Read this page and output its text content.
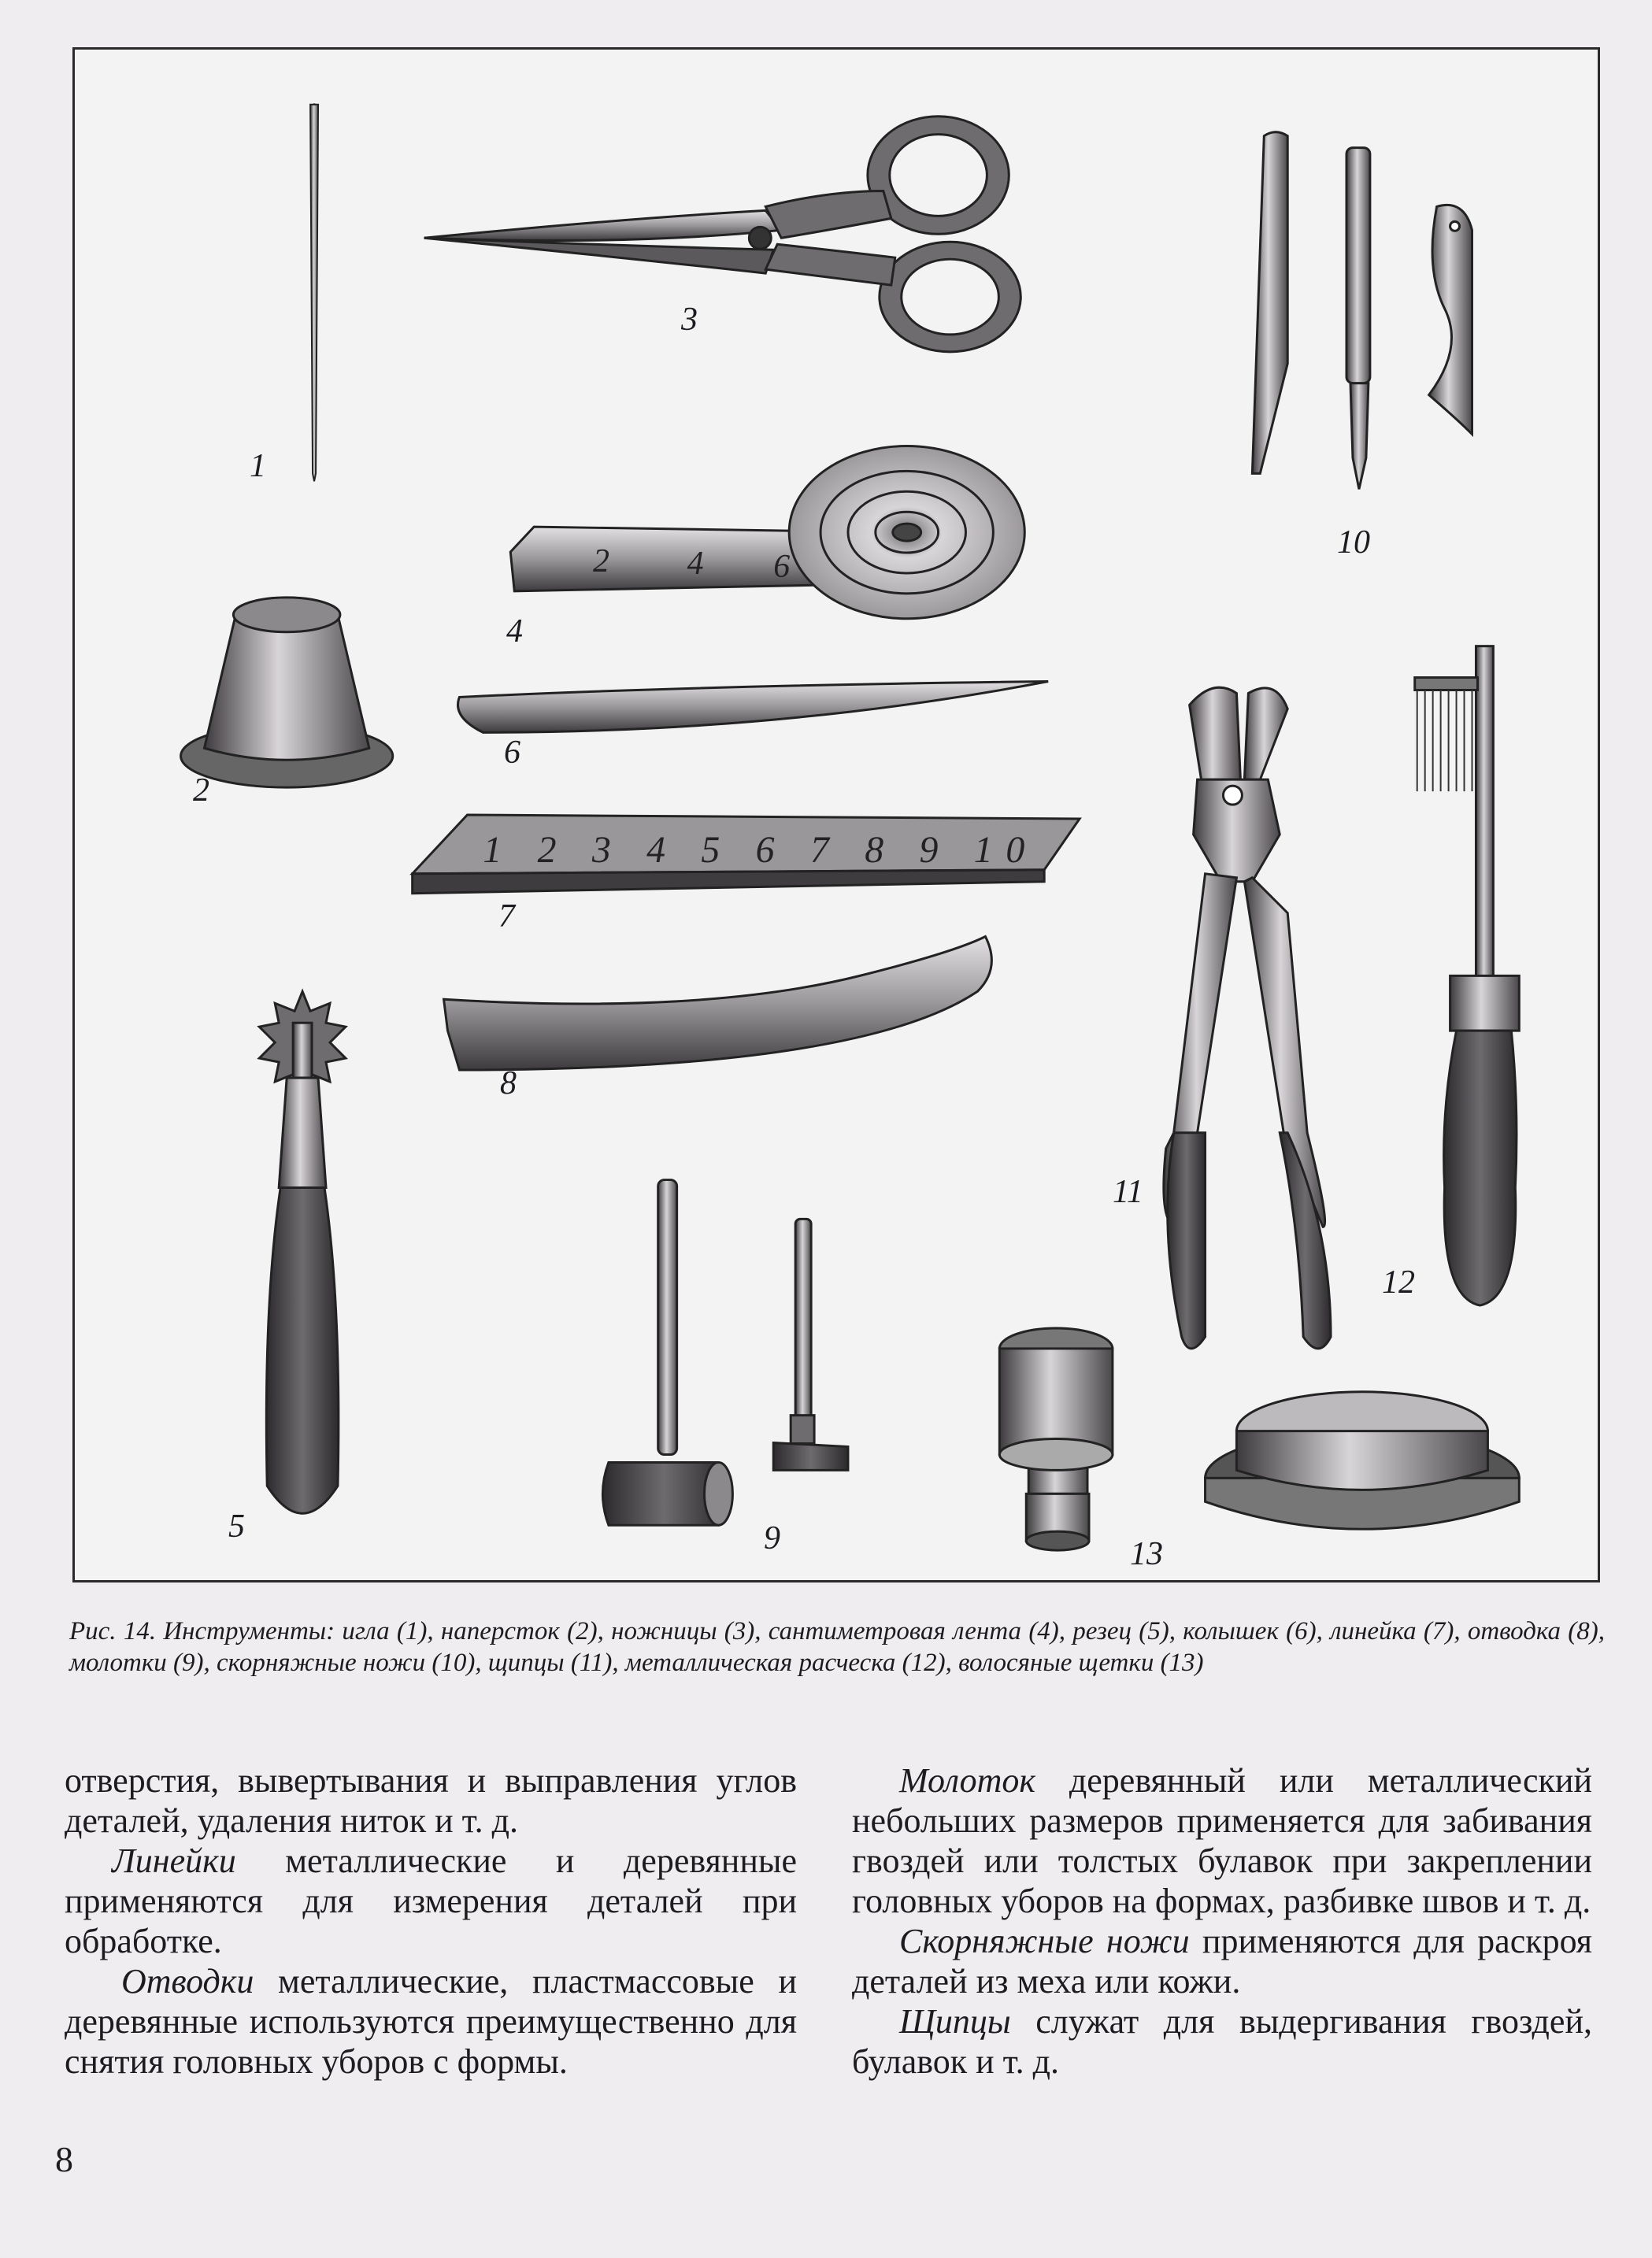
2 4 6
1 2 3 4 5 6 7 8 9 10
1
2
3
4
5
6
7
8
9
10
11
12
13
Рис. 14. Инструменты: игла (1), наперсток (2), ножницы (3), сантиметровая лента (4), резец (5), колышек (6), линейка (7), отводка (8), молотки (9), скорняжные ножи (10), щипцы (11), металлическая расческа (12), волосяные щетки (13)

отверстия, вывертывания и выправления углов деталей, удаления ниток и т. д.

Линейки металлические и деревянные применяются для измерения деталей при обработке.

Отводки металлические, пластмассовые и деревянные используются преимущественно для снятия головных уборов с формы.

Молоток деревянный или металлический небольших размеров применяется для забивания гвоздей или толстых булавок при закреплении головных уборов на формах, разбивке швов и т. д.

Скорняжные ножи применяются для раскроя деталей из меха или кожи.

Щипцы служат для выдергивания гвоздей, булавок и т. д.

8
